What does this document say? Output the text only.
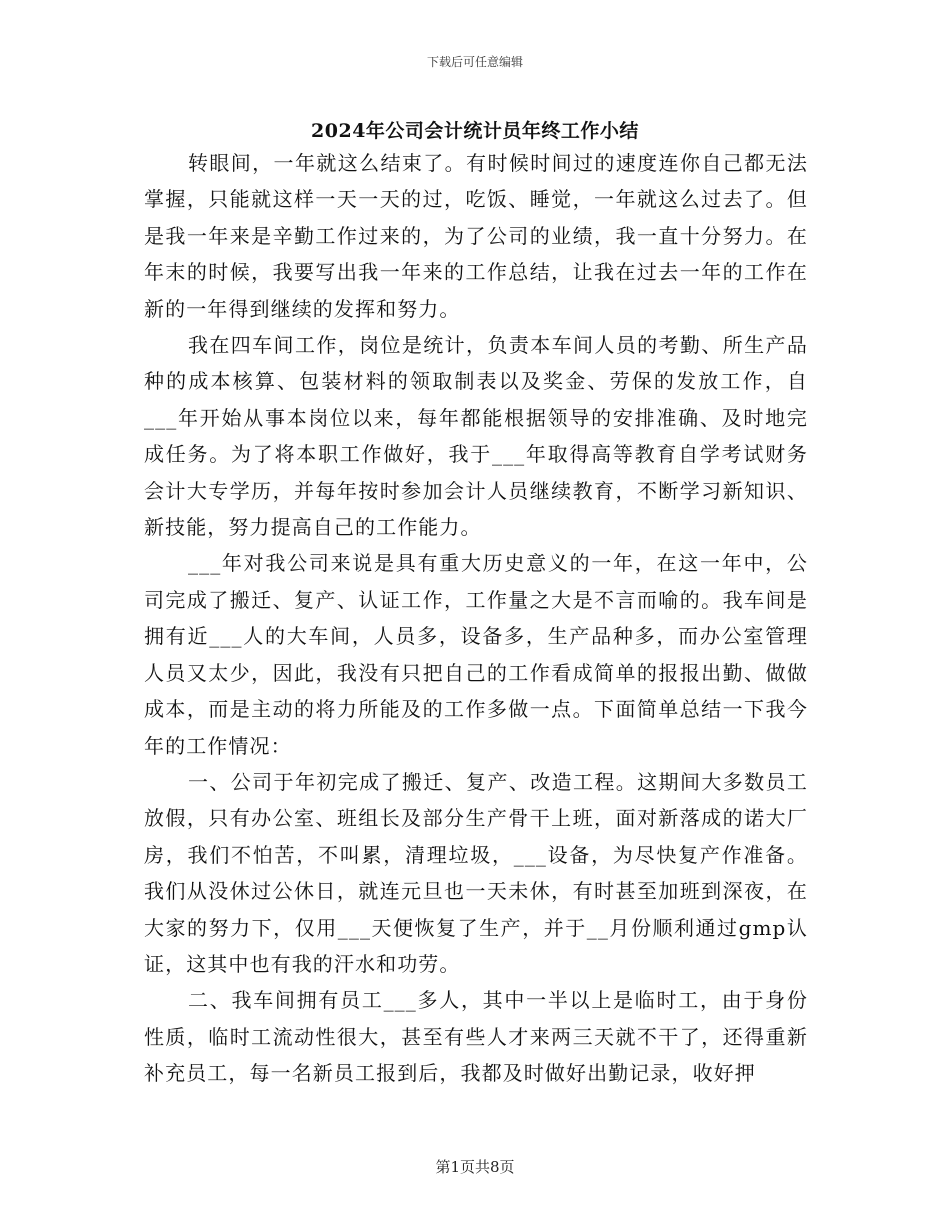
下载后可任意编辑
2024年公司会计统计员年终工作小结

转眼间，一年就这么结束了。有时候时间过的速度连你自己都无法掌握，只能就这样一天一天的过，吃饭、睡觉，一年就这么过去了。但是我一年来是辛勤工作过来的，为了公司的业绩，我一直十分努力。在年末的时候，我要写出我一年来的工作总结，让我在过去一年的工作在新的一年得到继续的发挥和努力。

我在四车间工作，岗位是统计，负责本车间人员的考勤、所生产品种的成本核算、包装材料的领取制表以及奖金、劳保的发放工作，自___年开始从事本岗位以来，每年都能根据领导的安排准确、及时地完成任务。为了将本职工作做好，我于___年取得高等教育自学考试财务会计大专学历，并每年按时参加会计人员继续教育，不断学习新知识、新技能，努力提高自己的工作能力。

___年对我公司来说是具有重大历史意义的一年，在这一年中，公司完成了搬迁、复产、认证工作，工作量之大是不言而喻的。我车间是拥有近___人的大车间，人员多，设备多，生产品种多，而办公室管理人员又太少，因此，我没有只把自己的工作看成简单的报报出勤、做做成本，而是主动的将力所能及的工作多做一点。下面简单总结一下我今年的工作情况：

一、公司于年初完成了搬迁、复产、改造工程。这期间大多数员工放假，只有办公室、班组长及部分生产骨干上班，面对新落成的诺大厂房，我们不怕苦，不叫累，清理垃圾，___设备，为尽快复产作准备。我们从没休过公休日，就连元旦也一天未休，有时甚至加班到深夜，在大家的努力下，仅用___天便恢复了生产，并于__月份顺利通过gmp认证，这其中也有我的汗水和功劳。

二、我车间拥有员工___多人，其中一半以上是临时工，由于身份性质，临时工流动性很大，甚至有些人才来两三天就不干了，还得重新补充员工，每一名新员工报到后，我都及时做好出勤记录，收好押

第1页共8页
